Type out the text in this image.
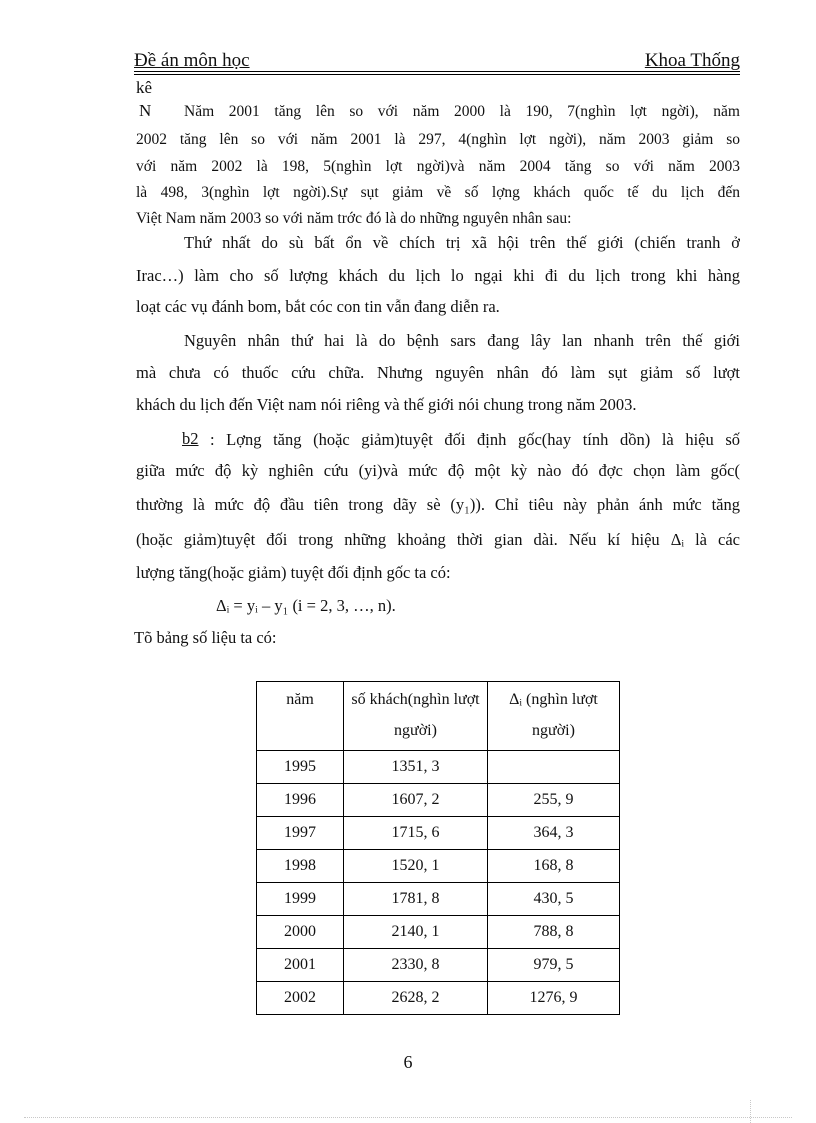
Đề án môn học	Khoa Thống
kê
N Năm 2001 tăng lên so với năm 2000 là 190, 7(nghìn lợt ngời), năm
2002 tăng lên so với năm 2001 là 297, 4(nghìn lợt ngời), năm 2003 giảm so
với năm 2002 là 198, 5(nghìn lợt ngời)và năm 2004 tăng so với năm 2003
là 498, 3(nghìn lợt ngời).Sự sụt giảm về số lợng khách quốc tế du lịch đến
Việt Nam năm 2003 so với năm trớc đó là do những nguyên nhân sau:
Thứ nhất do sù bất ổn về chích trị xã hội trên thế giới (chiến tranh ở
Irac…) làm cho số lượng khách du lịch lo ngại khi đi du lịch trong khi hàng
loạt các vụ đánh bom, bắt cóc con tin vẫn đang diễn ra.
Nguyên nhân thứ hai là do bệnh sars đang lây lan nhanh trên thế giới
mà chưa có thuốc cứu chữa. Nhưng nguyên nhân đó làm sụt giảm số lượt
khách du lịch đến Việt nam nói riêng và thế giới nói chung trong năm 2003.
b2 : Lợng tăng (hoặc giảm)tuyệt đối định gốc(hay tính dồn) là hiệu số
giữa mức độ kỳ nghiên cứu (yi)và mức độ một kỳ nào đó đợc chọn làm gốc(
thường là mức độ đầu tiên trong dãy sè (y₁)). Chỉ tiêu này phản ánh mức tăng
(hoặc giảm)tuyệt đối trong những khoảng thời gian dài. Nếu kí hiệu Δᵢ là các
lượng tăng(hoặc giảm) tuyệt đối định gốc ta có:
Δᵢ = yᵢ – y₁ (i = 2, 3, …, n).
Tõ bảng số liệu ta có:
năm	số khách(nghìn lượt người)	Δᵢ (nghìn lượt người)
1995	1351, 3	
1996	1607, 2	255, 9
1997	1715, 6	364, 3
1998	1520, 1	168, 8
1999	1781, 8	430, 5
2000	2140, 1	788, 8
2001	2330, 8	979, 5
2002	2628, 2	1276, 9
6
